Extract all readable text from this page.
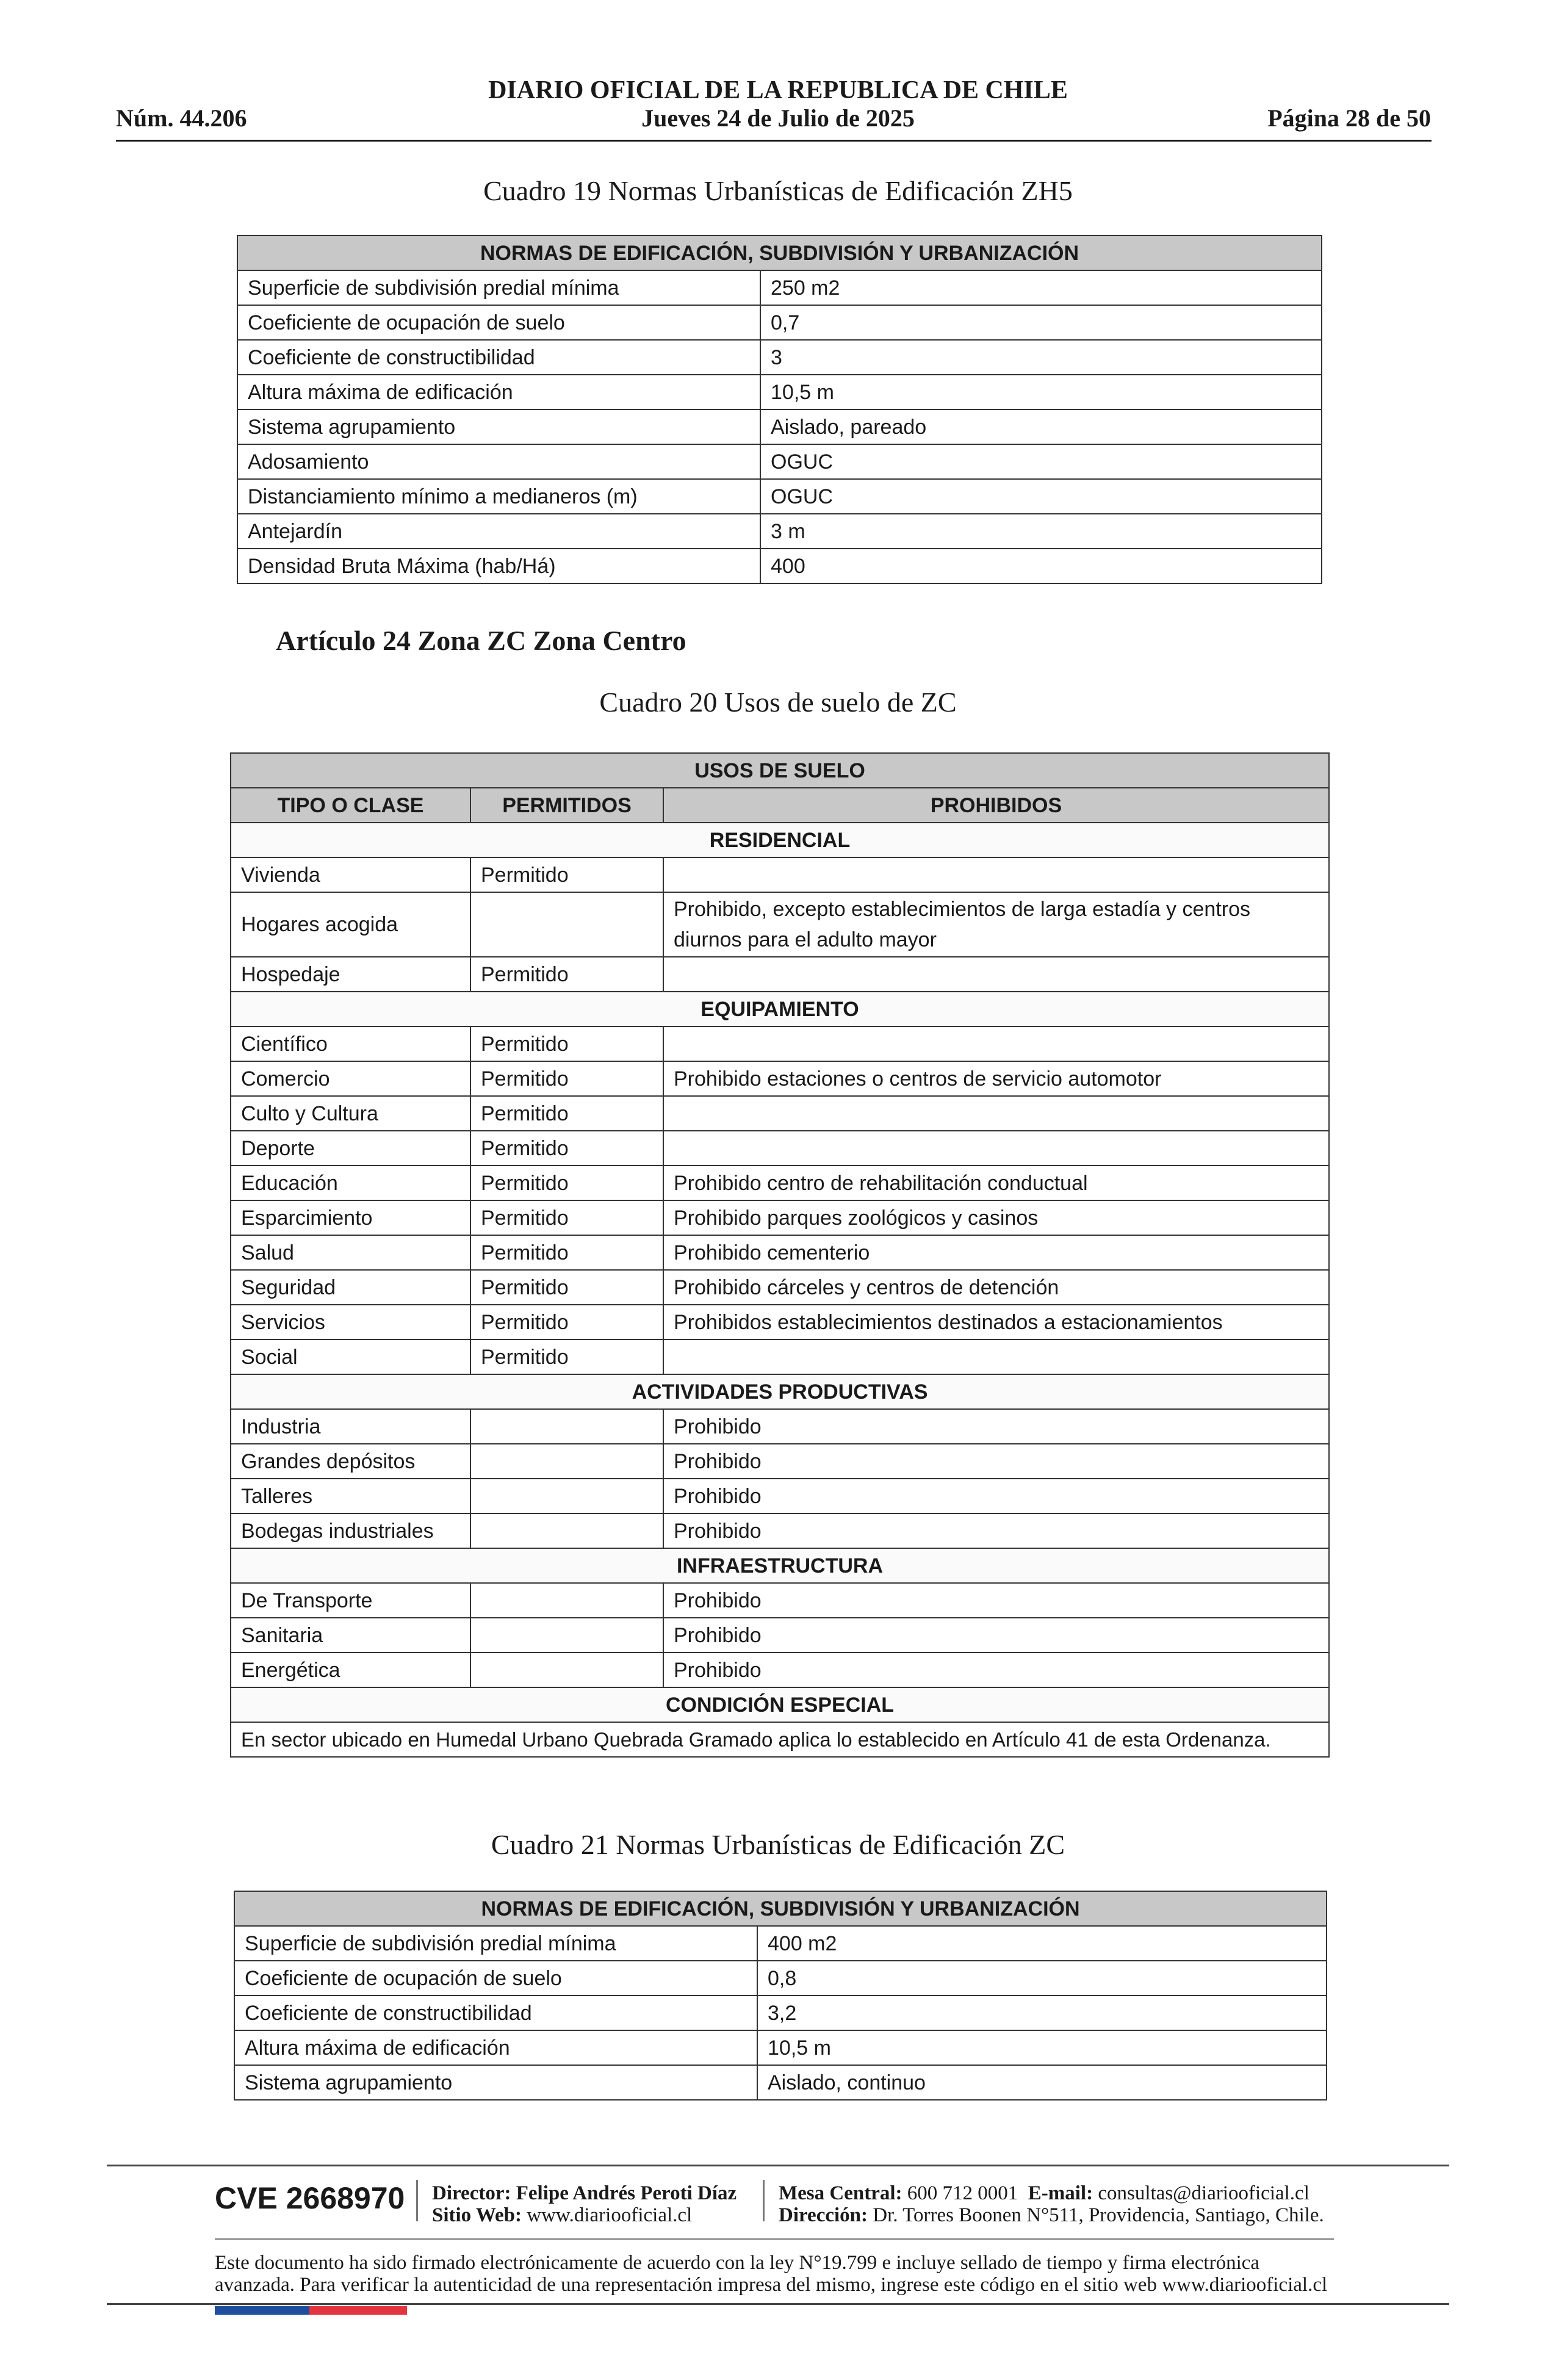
DIARIO OFICIAL DE LA REPUBLICA DE CHILE
Núm. 44.206	Jueves 24 de Julio de 2025	Página 28 de 50
Cuadro 19 Normas Urbanísticas de Edificación ZH5
NORMAS DE EDIFICACIÓN, SUBDIVISIÓN Y URBANIZACIÓN	
Superficie de subdivisión predial mínima	250 m2
Coeficiente de ocupación de suelo	0,7
Coeficiente de constructibilidad	3
Altura máxima de edificación	10,5 m
Sistema agrupamiento	Aislado, pareado
Adosamiento	OGUC
Distanciamiento mínimo a medianeros (m)	OGUC
Antejardín	3 m
Densidad Bruta Máxima (hab/Há)	400
Artículo 24 Zona ZC Zona Centro
Cuadro 20 Usos de suelo de ZC
USOS DE SUELO		
TIPO O CLASE	PERMITIDOS	PROHIBIDOS
RESIDENCIAL		
Vivienda	Permitido	
Hogares acogida		Prohibido, excepto establecimientos de larga estadía y centros diurnos para el adulto mayor
Hospedaje	Permitido	
EQUIPAMIENTO		
Científico	Permitido	
Comercio	Permitido	Prohibido estaciones o centros de servicio automotor
Culto y Cultura	Permitido	
Deporte	Permitido	
Educación	Permitido	Prohibido centro de rehabilitación conductual
Esparcimiento	Permitido	Prohibido parques zoológicos y casinos
Salud	Permitido	Prohibido cementerio
Seguridad	Permitido	Prohibido cárceles y centros de detención
Servicios	Permitido	Prohibidos establecimientos destinados a estacionamientos
Social	Permitido	
ACTIVIDADES PRODUCTIVAS		
Industria		Prohibido
Grandes depósitos		Prohibido
Talleres		Prohibido
Bodegas industriales		Prohibido
INFRAESTRUCTURA		
De Transporte		Prohibido
Sanitaria		Prohibido
Energética		Prohibido
CONDICIÓN ESPECIAL		
En sector ubicado en Humedal Urbano Quebrada Gramado aplica lo establecido en Artículo 41 de esta Ordenanza.		
Cuadro 21 Normas Urbanísticas de Edificación ZC
NORMAS DE EDIFICACIÓN, SUBDIVISIÓN Y URBANIZACIÓN	
Superficie de subdivisión predial mínima	400 m2
Coeficiente de ocupación de suelo	0,8
Coeficiente de constructibilidad	3,2
Altura máxima de edificación	10,5 m
Sistema agrupamiento	Aislado, continuo
CVE 2668970 Director: Felipe Andrés Peroti Díaz
Sitio Web: www.diariooficial.cl
Mesa Central: 600 712 0001 E-mail: consultas@diariooficial.cl
Dirección: Dr. Torres Boonen N°511, Providencia, Santiago, Chile.
Este documento ha sido firmado electrónicamente de acuerdo con la ley N°19.799 e incluye sellado de tiempo y firma electrónica
avanzada. Para verificar la autenticidad de una representación impresa del mismo, ingrese este código en el sitio web www.diariooficial.cl
